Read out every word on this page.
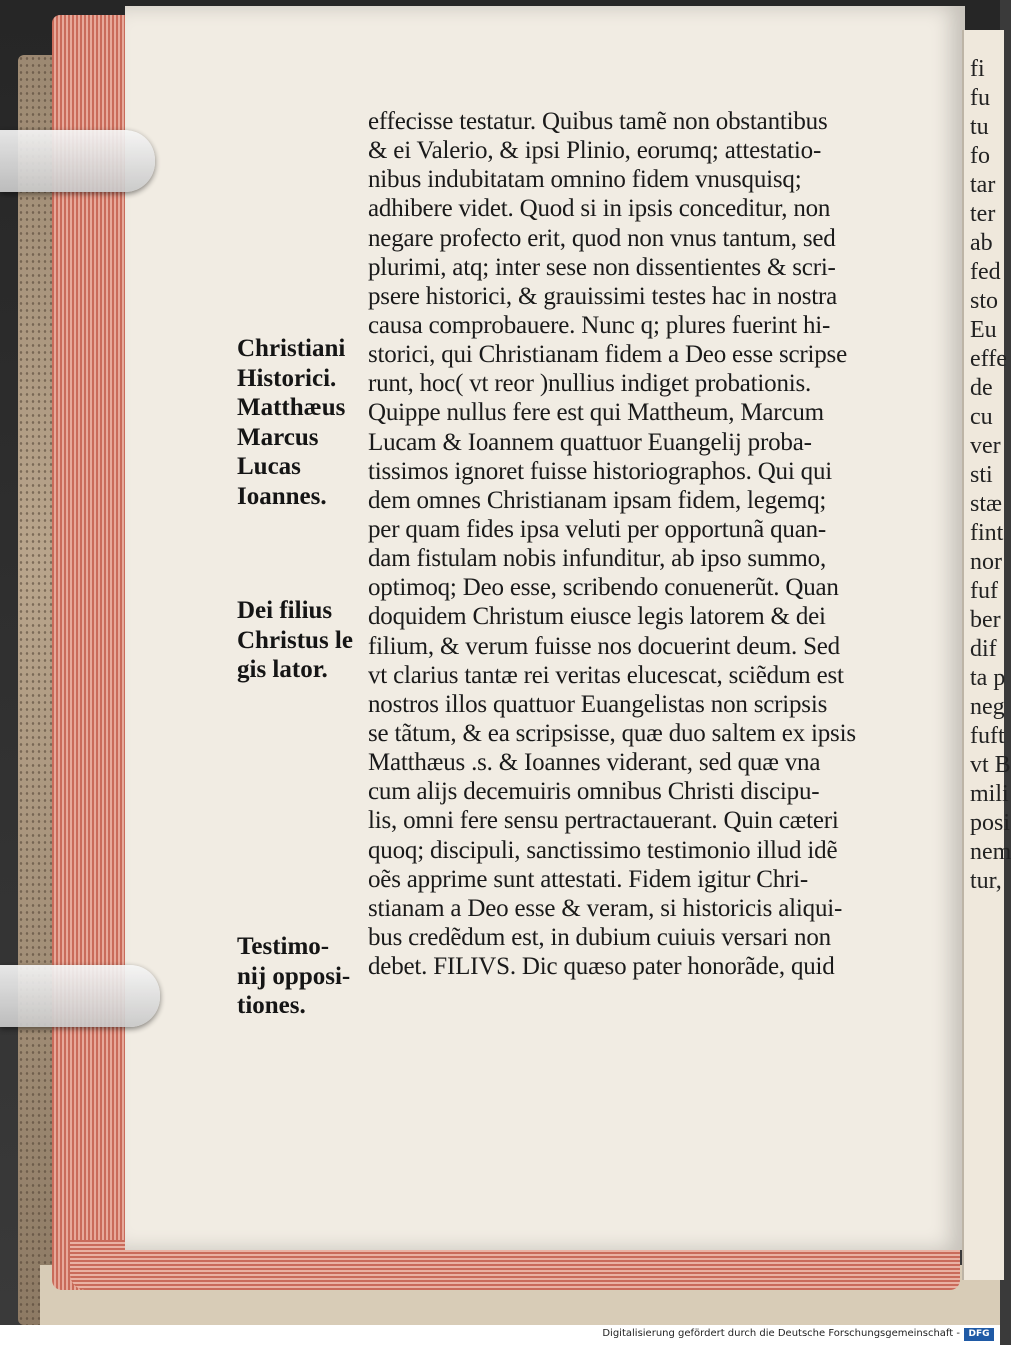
fi
fu
tu
fo
tar
ter
ab
fed
sto
Eu
effe
de
cu
ver
sti
stæ
fint
nor
fuf
ber
dif
ta p
neg
fuft
vt B
mili
posi
nem
tur,
effecisse testatur. Quibus tamẽ non obstantibus
& ei Valerio, & ipsi Plinio, eorumq; attestatio-
nibus indubitatam omnino fidem vnusquisq;
adhibere videt. Quod si in ipsis conceditur, non
negare profecto erit, quod non vnus tantum, sed
plurimi, atq; inter sese non dissentientes & scri-
psere historici, & grauissimi testes hac in nostra
causa comprobauere. Nunc q; plures fuerint hi-
storici, qui Christianam fidem a Deo esse scripse
runt, hoc( vt reor )nullius indiget probationis.
Quippe nullus fere est qui Mattheum, Marcum
Lucam & Ioannem quattuor Euangelij proba-
tissimos ignoret fuisse historiographos. Qui qui
dem omnes Christianam ipsam fidem, legemq;
per quam fides ipsa veluti per opportunã quan-
dam fistulam nobis infunditur, ab ipso summo,
optimoq; Deo esse, scribendo conuenerũt. Quan
doquidem Christum eiusce legis latorem & dei
filium, & verum fuisse nos docuerint deum. Sed
vt clarius tantæ rei veritas elucescat, sciẽdum est
nostros illos quattuor Euangelistas non scripsis
se tãtum, & ea scripsisse, quæ duo saltem ex ipsis
Matthæus .s. & Ioannes viderant, sed quæ vna
cum alijs decemuiris omnibus Christi discipu-
lis, omni fere sensu pertractauerant. Quin cæteri
quoq; discipuli, sanctissimo testimonio illud idẽ
oẽs apprime sunt attestati. Fidem igitur Chri-
stianam a Deo esse & veram, si historicis aliqui-
bus credẽdum est, in dubium cuiuis versari non
debet. FILIVS. Dic quæso pater honorãde, quid
Christiani
Historici.
Matthæus
Marcus
Lucas
Ioannes.
Dei filius
Christus le
gis lator.
Testimo-
nij opposi-
tiones.
Digitalisierung gefördert durch die Deutsche Forschungsgemeinschaft - DFG
